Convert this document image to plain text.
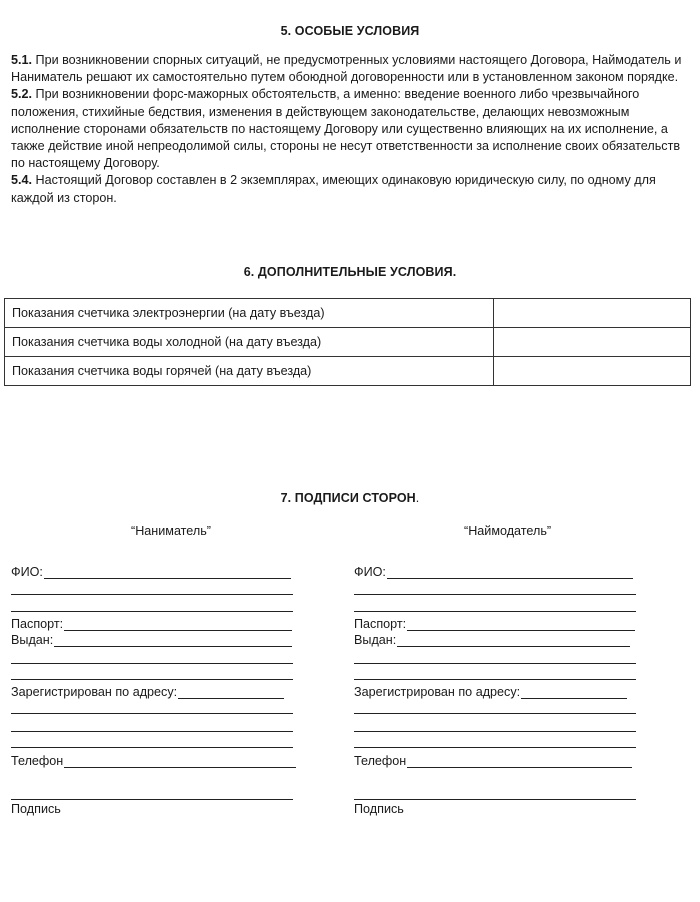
5. ОСОБЫЕ УСЛОВИЯ

5.1. При возникновении спорных ситуаций, не предусмотренных условиями настоящего Договора, Наймодатель и Наниматель решают их самостоятельно путем обоюдной договоренности или в установленном законом порядке.

5.2. При возникновении форс-мажорных обстоятельств, а именно: введение военного либо чрезвычайного положения, стихийные бедствия, изменения в действующем законодательстве, делающих невозможным исполнение сторонами обязательств по настоящему Договору или существенно влияющих на их исполнение, а также действие иной непреодолимой силы, стороны не несут ответственности за исполнение своих обязательств по настоящему Договору.

5.4. Настоящий Договор составлен в 2 экземплярах, имеющих одинаковую юридическую силу, по одному для каждой из сторон.

6. ДОПОЛНИТЕЛЬНЫЕ УСЛОВИЯ.
Показания счетчика электроэнергии (на дату въезда)	
Показания счетчика воды холодной (на дату въезда)	
Показания счетчика воды горячей (на дату въезда)	
7. ПОДПИСИ СТОРОН.
“Наниматель”
ФИО:
Паспорт:
Выдан:
Зарегистрирован по адресу:
Телефон
Подпись
“Наймодатель”
ФИО:
Паспорт:
Выдан:
Зарегистрирован по адресу:
Телефон
Подпись
